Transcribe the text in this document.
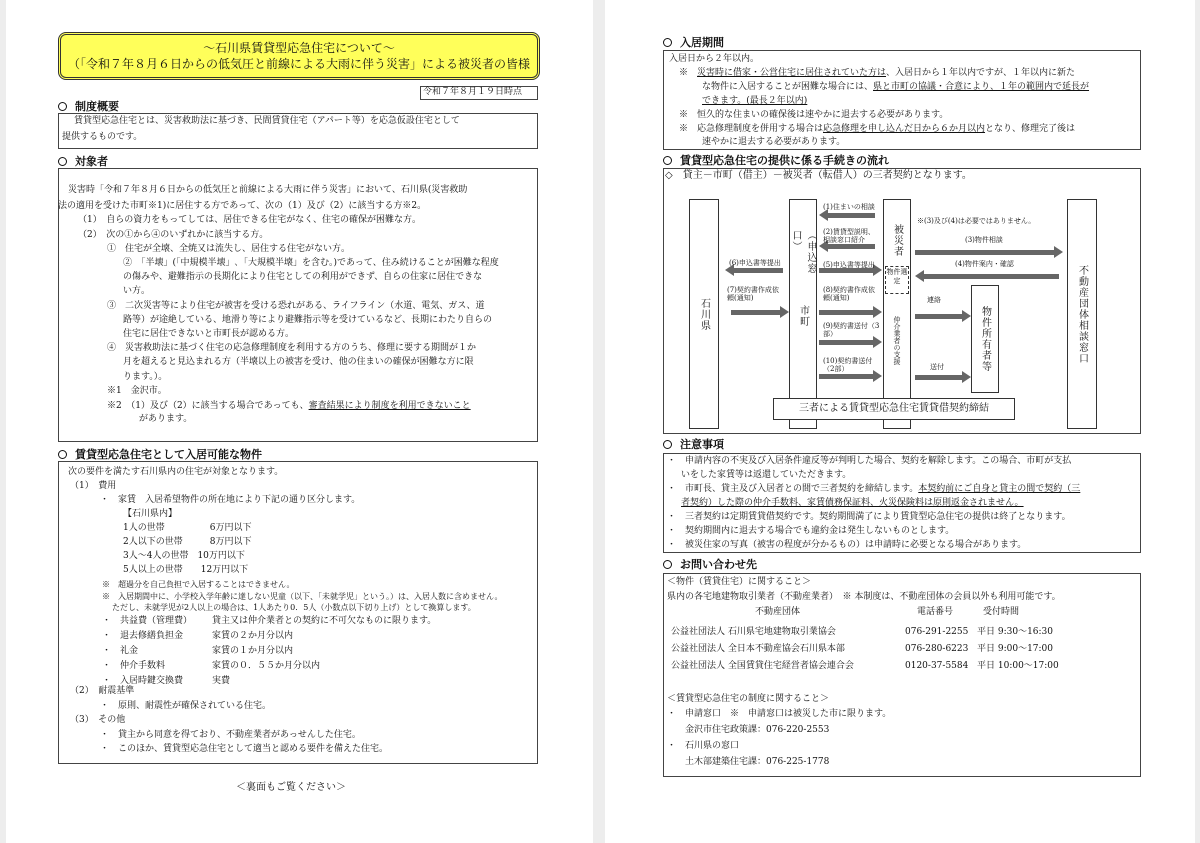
～石川県賃貸型応急住宅について～
（「令和７年８月６日からの低気圧と前線による大雨に伴う災害」による被災者の皆様
令和７年８月１９日時点
制度概要
賃貸型応急住宅とは、災害救助法に基づき、民間賃貸住宅（アパート等）を応急仮設住宅として
提供するものです。
対象者
※2　（1）及び（2）に該当する場合であっても、審査結果により制度を利用できないこと
があります。
賃貸型応急住宅として入居可能な物件
＜裏面もご覧ください＞
災害時「令和７年８月６日からの低気圧と前線による大雨に伴う災害」において、石川県(災害救助
法の適用を受けた市町※1)に居住する方であって、次の（1）及び（2）に該当する方※2。
（1）　自らの資力をもってしては、居住できる住宅がなく、住宅の確保が困難な方。
（2）　次の①から④のいずれかに該当する方。
①　住宅が全壊、全焼又は流失し、居住する住宅がない方。
②　「半壊」(「中規模半壊」､「大規模半壊」を含む｡)であって、住み続けることが困難な程度
の傷みや、避難指示の長期化により住宅としての利用ができず、自らの住家に居住できな
い方。
③　二次災害等により住宅が被害を受ける恐れがある、ライフライン（水道、電気、ガス、道
路等）が途絶している、地滑り等により避難指示等を受けているなど、長期にわたり自らの
住宅に居住できないと市町長が認める方。
④　災害救助法に基づく住宅の応急修理制度を利用する方のうち、修理に要する期間が１か
月を超えると見込まれる方（半壊以上の被害を受け、他の住まいの確保が困難な方に限
ります。）。
※1　金沢市。
次の要件を満たす石川県内の住宅が対象となります。
（1）　費用
・　家賃　入居希望物件の所在地により下記の通り区分します。
【石川県内】
1人の世帯　　　　　6万円以下
2人以下の世帯　　　8万円以下
3人～4人の世帯　10万円以下
5人以上の世帯　　12万円以下
※　超過分を自己負担で入居することはできません。
※　入居期間中に、小学校入学年齢に達しない児童（以下、「未就学児」という。）は、入居人数に含めません。
ただし、未就学児が2人以上の場合は、1人あたり0．5人（小数点以下切り上げ）として換算します。
・　共益費（管理費） 貸主又は仲介業者との契約に不可欠なものに限ります。
・　退去修繕負担金	家賃の２か月分以内
・　礼金	家賃の１か月分以内
・　仲介手数料	家賃の０．５５か月分以内
・　入居時鍵交換費	実費
（2）　耐震基準
・　原則、耐震性が確保されている住宅。
（3）　その他
・　貸主から同意を得ており、不動産業者があっせんした住宅。
・　このほか、賃貸型応急住宅として適当と認める要件を備えた住宅。
入居期間
入居日から２年以内。
※　災害時に借家・公営住宅に居住されていた方は、入居日から１年以内ですが、１年以内に新た
な物件に入居することが困難な場合には、県と市町の協議・合意により、１年の範囲内で延長が
できます。(最長２年以内)
※　恒久的な住まいの確保後は速やかに退去する必要があります。
※　応急修理制度を併用する場合は応急修理を申し込んだ日から６か月以内となり、修理完了後は
速やかに退去する必要があります。
賃貸型応急住宅の提供に係る手続きの流れ
◇　貸主－市町（借主）－被災者（転借人）の三者契約となります。
石川県
（申込窓口）
市町
被災者
物件選定
仲介業者の支援	物件所有者等	不動産団体相談窓口
三者による賃貸型応急住宅賃貸借契約締結
注意事項
・　申請内容の不実及び入居条件違反等が判明した場合、契約を解除します。この場合、市町が支払
いをした家賃等は返還していただきます。
・　市町長、貸主及び入居者との間で三者契約を締結します。本契約前にご自身と貸主の間で契約（三
者契約）した際の仲介手数料、家賃債務保証料、火災保険料は原則返金されません。
・　三者契約は定期賃貸借契約です。契約期間満了により賃貸型応急住宅の提供は終了となります。
・　契約期間内に退去する場合でも違約金は発生しないものとします。
・　被災住家の写真（被害の程度が分かるもの）は申請時に必要となる場合があります。
お問い合わせ先
＜物件（賃貸住宅）に関すること＞
県内の各宅地建物取引業者（不動産業者）　※ 本制度は、不動産団体の会員以外も利用可能です。
不動産団体	電話番号	受付時間
＜賃貸型応急住宅の制度に関すること＞
・　申請窓口　※　申請窓口は被災した市に限ります。
金沢市住宅政策課：076-220-2553
・　石川県の窓口
土木部建築住宅課：076-225-1778
(1)住まいの相談
(2)賃貸型説明、相談窓口紹介
(5)申込書等提出
(6)申込書等提出
(7)契約書作成依頼(通知)
(8)契約書作成依頼(通知)
(9)契約書送付（3部）
(10)契約書送付（2部）
※(3)及び(4)は必要ではありません。
(3)物件相談
(4)物件案内・確認
連絡
送付
公益社団法人 石川県宅地建物取引業協会	076-291-2255 平日 9:30～16:30
公益社団法人 全日本不動産協会石川県本部	076-280-6223 平日 9:00～17:00
公益社団法人 全国賃貸住宅経営者協会連合会	0120-37-5584 平日 10:00～17:00
